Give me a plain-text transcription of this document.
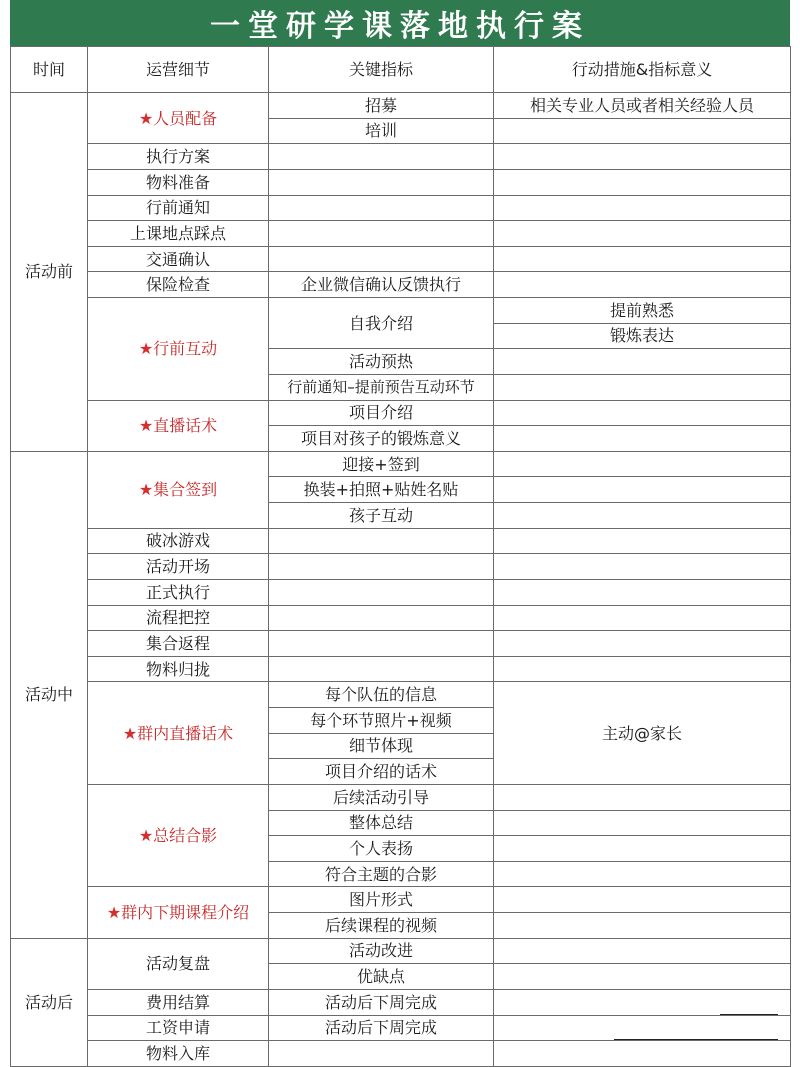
一堂研学课落地执行案
时间	运营细节	关键指标	行动措施&指标意义
活动前	★人员配备	招募	相关专业人员或者相关经验人员
		培训	
	执行方案		
	物料准备		
	行前通知		
	上课地点踩点		
	交通确认		
	保险检查	企业微信确认反馈执行	
	★行前互动	自我介绍	提前熟悉
			锻炼表达
		活动预热	
		行前通知–提前预告互动环节	
	★直播话术	项目介绍	
		项目对孩子的锻炼意义	
活动中	★集合签到	迎接+签到	
		换装+拍照+贴姓名贴	
		孩子互动	
	破冰游戏		
	活动开场		
	正式执行		
	流程把控		
	集合返程		
	物料归拢		
	★群内直播话术	每个队伍的信息	主动@家长
		每个环节照片+视频	
		细节体现	
		项目介绍的话术	
	★总结合影	后续活动引导	
		整体总结	
		个人表扬	
		符合主题的合影	
	★群内下期课程介绍	图片形式	
		后续课程的视频	
活动后	活动复盘	活动改进	
		优缺点	
	费用结算	活动后下周完成	
	工资申请	活动后下周完成	
	物料入库		
